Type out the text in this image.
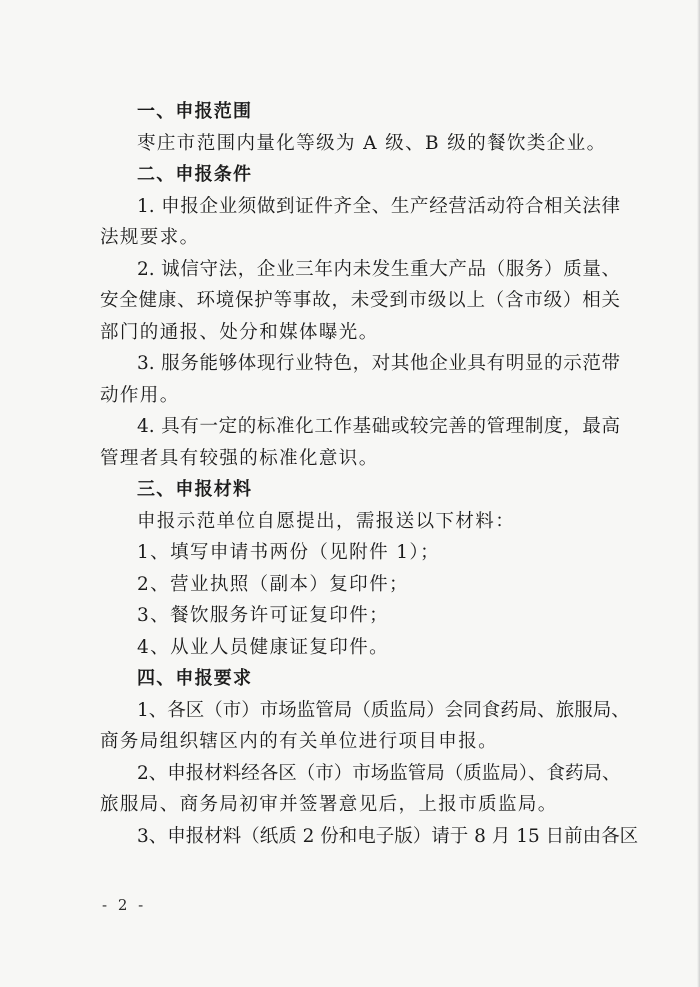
一、申报范围
枣庄市范围内量化等级为 A 级、B 级的餐饮类企业。
二、申报条件
1. 申报企业须做到证件齐全、生产经营活动符合相关法律
法规要求。
2. 诚信守法，企业三年内未发生重大产品（服务）质量、
安全健康、环境保护等事故，未受到市级以上（含市级）相关
部门的通报、处分和媒体曝光。
3. 服务能够体现行业特色，对其他企业具有明显的示范带
动作用。
4. 具有一定的标准化工作基础或较完善的管理制度，最高
管理者具有较强的标准化意识。
三、申报材料
申报示范单位自愿提出，需报送以下材料：
1、填写申请书两份（见附件 1）；
2、营业执照（副本）复印件；
3、餐饮服务许可证复印件；
4、从业人员健康证复印件。
四、申报要求
1、各区（市）市场监管局（质监局）会同食药局、旅服局、
商务局组织辖区内的有关单位进行项目申报。
2、申报材料经各区（市）市场监管局（质监局）、食药局、
旅服局、商务局初审并签署意见后，上报市质监局。
3、申报材料（纸质 2 份和电子版）请于 8 月 15 日前由各区
- 2 -
